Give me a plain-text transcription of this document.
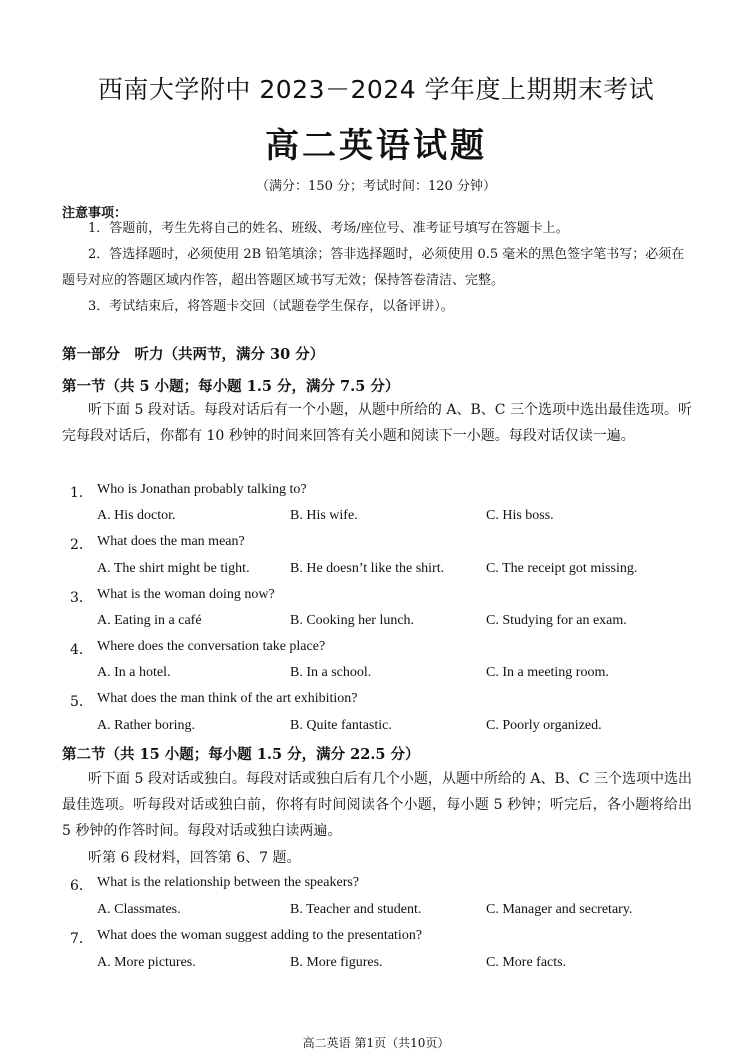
西南大学附中 2023－2024 学年度上期期末考试
高二英语试题
（满分：150 分；考试时间：120 分钟）
注意事项：
1．答题前，考生先将自己的姓名、班级、考场/座位号、准考证号填写在答题卡上。
2．答选择题时，必须使用 2B 铅笔填涂；答非选择题时，必须使用 0.5 毫米的黑色签字笔书写；必须在题号对应的答题区域内作答，超出答题区域书写无效；保持答卷清洁、完整。
3．考试结束后，将答题卡交回（试题卷学生保存，以备评讲）。
第一部分　听力（共两节，满分 30 分）
第一节（共 5 小题；每小题 1.5 分，满分 7.5 分）
听下面 5 段对话。每段对话后有一个小题，从题中所给的 A、B、C 三个选项中选出最佳选项。听完每段对话后，你都有 10 秒钟的时间来回答有关小题和阅读下一小题。每段对话仅读一遍。
1． Who is Jonathan probably talking to?
A. His doctor.	B. His wife.	C. His boss.
2． What does the man mean?
A. The shirt might be tight.	B. He doesn’t like the shirt.	C. The receipt got missing.
3． What is the woman doing now?
A. Eating in a café	B. Cooking her lunch.	C. Studying for an exam.
4． Where does the conversation take place?
A. In a hotel.	B. In a school.	C. In a meeting room.
5． What does the man think of the art exhibition?
A. Rather boring.	B. Quite fantastic.	C. Poorly organized.
第二节（共 15 小题；每小题 1.5 分，满分 22.5 分）
听下面 5 段对话或独白。每段对话或独白后有几个小题，从题中所给的 A、B、C 三个选项中选出最佳选项。听每段对话或独白前，你将有时间阅读各个小题，每小题 5 秒钟；听完后，各小题将给出 5 秒钟的作答时间。每段对话或独白读两遍。
听第 6 段材料，回答第 6、7 题。
6． What is the relationship between the speakers?
A. Classmates.	B. Teacher and student.	C. Manager and secretary.
7． What does the woman suggest adding to the presentation?
A. More pictures.	B. More figures.	C. More facts.
高二英语 第1页（共10页）
